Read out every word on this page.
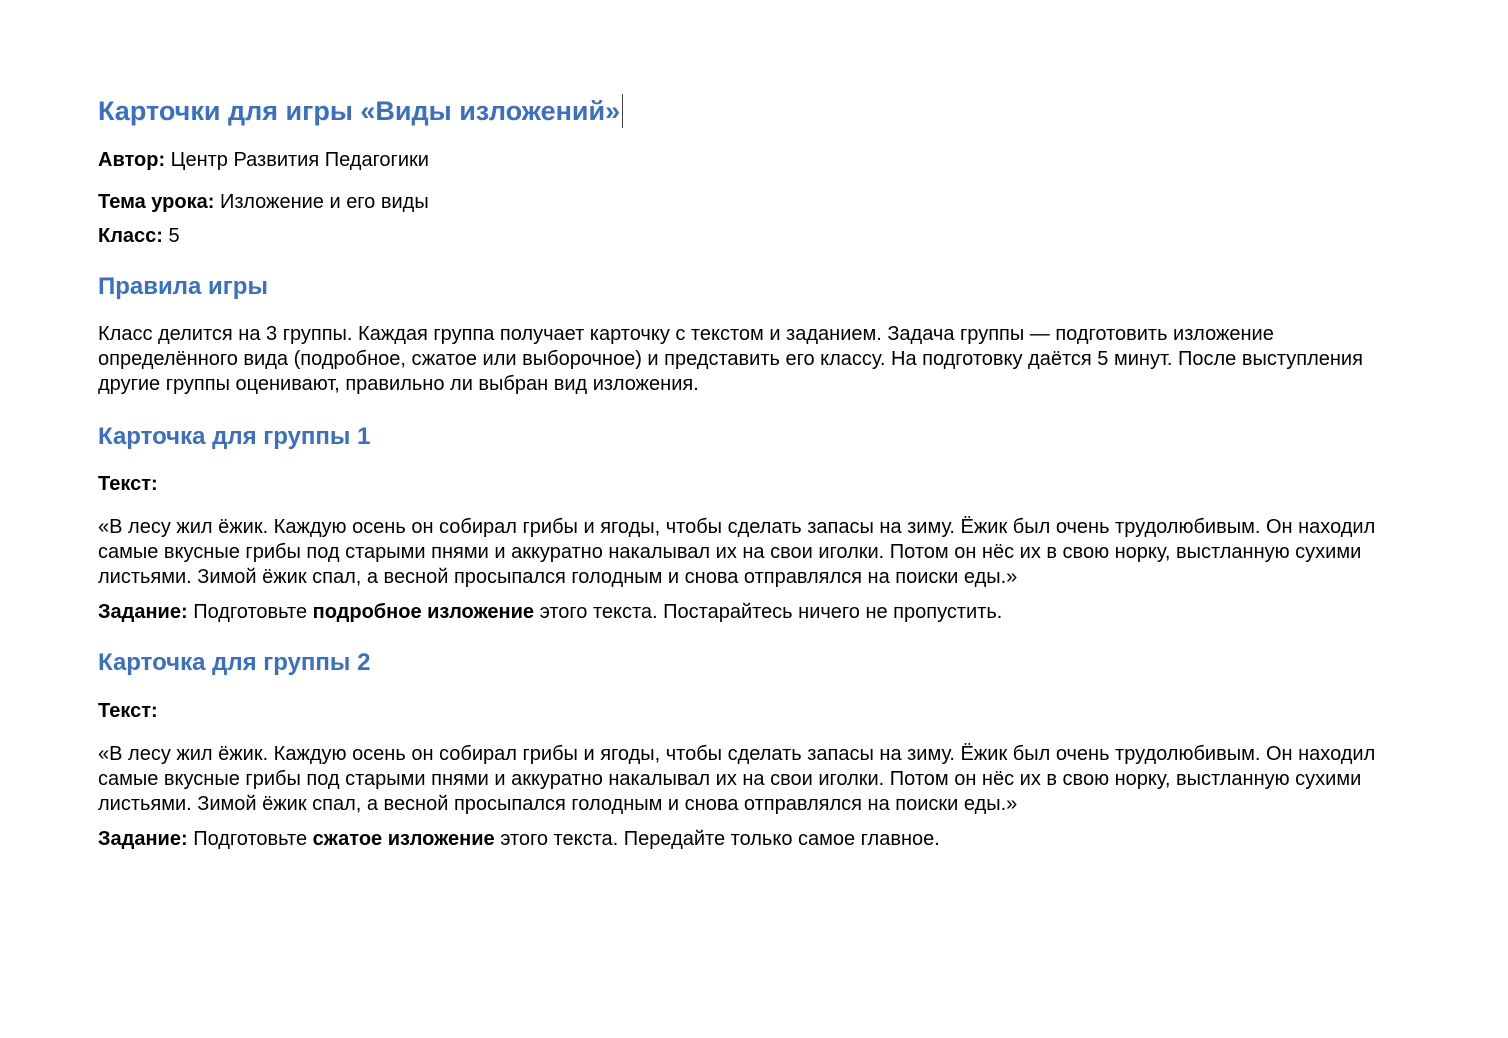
Карточки для игры «Виды изложений»

Автор: Центр Развития Педагогики

Тема урока: Изложение и его виды

Класс: 5

Правила игры

Класс делится на 3 группы. Каждая группа получает карточку с текстом и заданием. Задача группы — подготовить изложение определённого вида (подробное, сжатое или выборочное) и представить его классу. На подготовку даётся 5 минут. После выступления другие группы оценивают, правильно ли выбран вид изложения.

Карточка для группы 1

Текст:

«В лесу жил ёжик. Каждую осень он собирал грибы и ягоды, чтобы сделать запасы на зиму. Ёжик был очень трудолюбивым. Он находил самые вкусные грибы под старыми пнями и аккуратно накалывал их на свои иголки. Потом он нёс их в свою норку, выстланную сухими листьями. Зимой ёжик спал, а весной просыпался голодным и снова отправлялся на поиски еды.»

Задание: Подготовьте подробное изложение этого текста. Постарайтесь ничего не пропустить.

Карточка для группы 2

Текст:

«В лесу жил ёжик. Каждую осень он собирал грибы и ягоды, чтобы сделать запасы на зиму. Ёжик был очень трудолюбивым. Он находил самые вкусные грибы под старыми пнями и аккуратно накалывал их на свои иголки. Потом он нёс их в свою норку, выстланную сухими листьями. Зимой ёжик спал, а весной просыпался голодным и снова отправлялся на поиски еды.»

Задание: Подготовьте сжатое изложение этого текста. Передайте только самое главное.
